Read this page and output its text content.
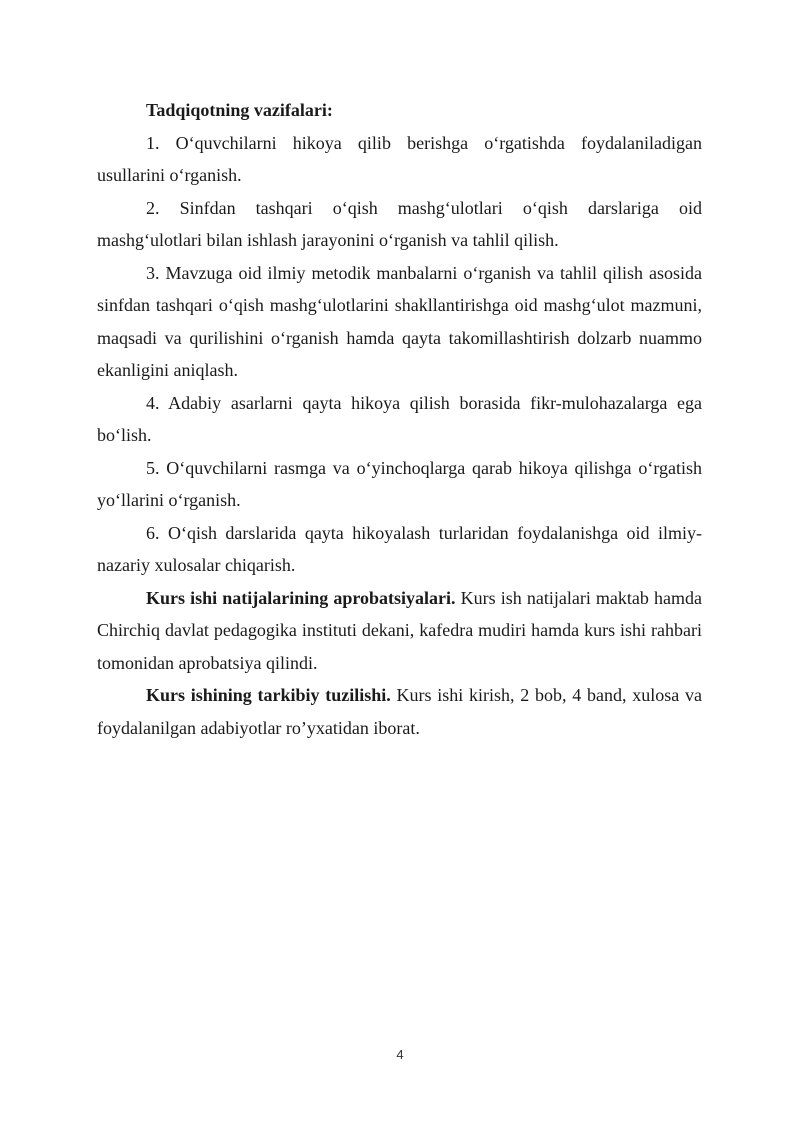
Tadqiqotning vazifalari:

1. O‘quvchilarni hikoya qilib berishga o‘rgatishda foydalaniladigan usullarini o‘rganish.

2. Sinfdan tashqari o‘qish mashg‘ulotlari o‘qish darslariga oid mashg‘ulotlari bilan ishlash jarayonini o‘rganish va tahlil qilish.

3. Mavzuga oid ilmiy metodik manbalarni o‘rganish va tahlil qilish asosida sinfdan tashqari o‘qish mashg‘ulotlarini shakllantirishga oid mashg‘ulot mazmuni, maqsadi va qurilishini o‘rganish hamda qayta takomillashtirish dolzarb nuammo ekanligini aniqlash.

4. Adabiy asarlarni qayta hikoya qilish borasida fikr-mulohazalarga ega bo‘lish.

5. O‘quvchilarni rasmga va o‘yinchoqlarga qarab hikoya qilishga o‘rgatish yo‘llarini o‘rganish.

6. O‘qish darslarida qayta hikoyalash turlaridan foydalanishga oid ilmiy-nazariy xulosalar chiqarish.

Kurs ishi natijalarining aprobatsiyalari. Kurs ish natijalari maktab hamda Chirchiq davlat pedagogika instituti dekani, kafedra mudiri hamda kurs ishi rahbari tomonidan aprobatsiya qilindi.

Kurs ishining tarkibiy tuzilishi. Kurs ishi kirish, 2 bob, 4 band, xulosa va foydalanilgan adabiyotlar ro’yxatidan iborat.

4
